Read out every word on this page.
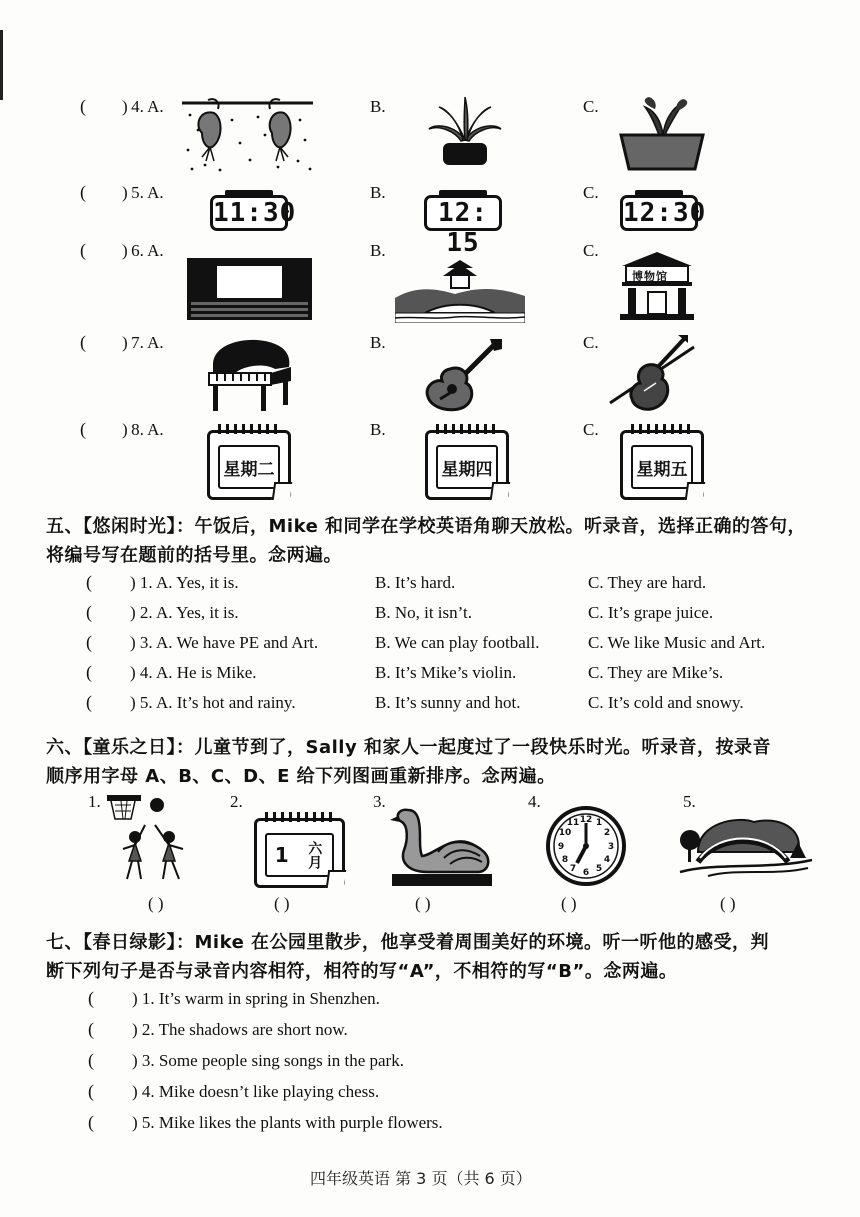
( )  4. A.	B.	C.
( )  5. A.
11:30
B.
12: 15
C.
12:30
( )  6. A.	B.	C.
博物馆
( )  7. A.	B.	C.
( )  8. A.
星期二
B.
星期四
C.
星期五
五、【悠闲时光】：午饭后，Mike 和同学在学校英语角聊天放松。听录音，选择正确的答句，
将编号写在题前的括号里。念两遍。
( ) 1. A. Yes, it is.	B. It’s hard.	C. They are hard.
( ) 2. A. Yes, it is.	B. No, it isn’t.	C. It’s grape juice.
( ) 3. A. We have PE and Art.	B. We can play football.	C. We like Music and Art.
( ) 4. A. He is Mike.	B. It’s Mike’s violin.	C. They are Mike’s.
( ) 5. A. It’s hot and rainy.	B. It’s sunny and hot.	C. It’s cold and snowy.
六、【童乐之日】：儿童节到了，Sally 和家人一起度过了一段快乐时光。听录音，按录音
顺序用字母 A、B、C、D、E 给下列图画重新排序。念两遍。
1.
( )
2.
1 六月
( )
3.
( )
4.
12 1
2
3
4
5
6
7
8
9
10
11
( )
5.
( )
七、【春日绿影】：Mike 在公园里散步，他享受着周围美好的环境。听一听他的感受，判
断下列句子是否与录音内容相符，相符的写“A”，不相符的写“B”。念两遍。
( ) 1. It’s warm in spring in Shenzhen.
( ) 2. The shadows are short now.
( ) 3. Some people sing songs in the park.
( ) 4. Mike doesn’t like playing chess.
( ) 5. Mike likes the plants with purple flowers.
四年级英语 第 3 页（共 6 页）
